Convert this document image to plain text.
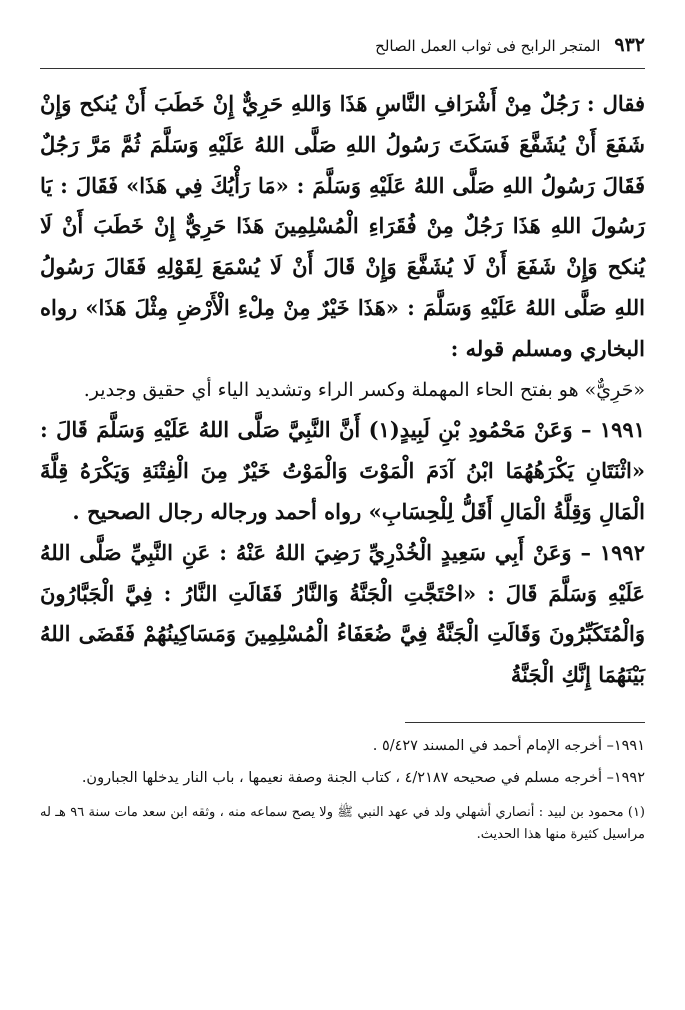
٩٣٢
المتجر الرابح فى ثواب العمل الصالح

فقال : رَجُلٌ مِنْ أَشْرَافِ النَّاسِ هَذَا وَاللهِ حَرِيٌّ إِنْ خَطَبَ أَنْ يُنكح وَإِنْ شَفَعَ أَنْ يُشَفَّعَ فَسَكَتَ رَسُولُ اللهِ صَلَّى اللهُ عَلَيْهِ وَسَلَّمَ ثُمَّ مَرَّ رَجُلٌ فَقَالَ رَسُولُ اللهِ صَلَّى اللهُ عَلَيْهِ وَسَلَّمَ : «مَا رَأْيُكَ فِي هَذَا» فَقَالَ : يَا رَسُولَ اللهِ هَذَا رَجُلٌ مِنْ فُقَرَاءِ الْمُسْلِمِينَ هَذَا حَرِيٌّ إِنْ خَطَبَ أَنْ لَا يُنكح وَإِنْ شَفَعَ أَنْ لَا يُشَفَّعَ وَإِنْ قَالَ أَنْ لَا يُسْمَعَ لِقَوْلِهِ فَقَالَ رَسُولُ اللهِ صَلَّى اللهُ عَلَيْهِ وَسَلَّمَ : «هَذَا خَيْرٌ مِنْ مِلْءِ الْأَرْضِ مِثْلَ هَذَا» رواه البخاري ومسلم قوله :

«حَرِيٌّ» هو بفتح الحاء المهملة وكسر الراء وتشديد الياء أي حقيق وجدير.

١٩٩١ – وَعَنْ مَحْمُودِ بْنِ لَبِيدٍ(١) أَنَّ النَّبِيَّ صَلَّى اللهُ عَلَيْهِ وَسَلَّمَ قَالَ : «اثْنَتَانِ يَكْرَهُهُمَا ابْنُ آدَمَ الْمَوْتَ وَالْمَوْتُ خَيْرٌ مِنَ الْفِتْنَةِ وَيَكْرَهُ قِلَّةَ الْمَالِ وَقِلَّةُ الْمَالِ أَقَلُّ لِلْحِسَابِ» رواه أحمد ورجاله رجال الصحيح .

١٩٩٢ – وَعَنْ أَبِي سَعِيدٍ الْخُدْرِيِّ رَضِيَ اللهُ عَنْهُ : عَنِ النَّبِيِّ صَلَّى اللهُ عَلَيْهِ وَسَلَّمَ قَالَ : «احْتَجَّتِ الْجَنَّةُ وَالنَّارُ فَقَالَتِ النَّارُ : فِيَّ الْجَبَّارُونَ وَالْمُتَكَبِّرُونَ وَقَالَتِ الْجَنَّةُ فِيَّ ضُعَفَاءُ الْمُسْلِمِينَ وَمَسَاكِينُهُمْ فَقَضَى اللهُ بَيْنَهُمَا إِنَّكِ الْجَنَّةُ

١٩٩١– أخرجه الإمام أحمد في المسند ٥/٤٢٧ .

١٩٩٢– أخرجه مسلم في صحيحه ٤/٢١٨٧ ، كتاب الجنة وصفة نعيمها ، باب النار يدخلها الجبارون.

(١) محمود بن لبيد : أنصاري أشهلي ولد في عهد النبي ﷺ ولا يصح سماعه منه ، وثقه ابن سعد مات سنة ٩٦ هـ له مراسيل كثيرة منها هذا الحديث.
